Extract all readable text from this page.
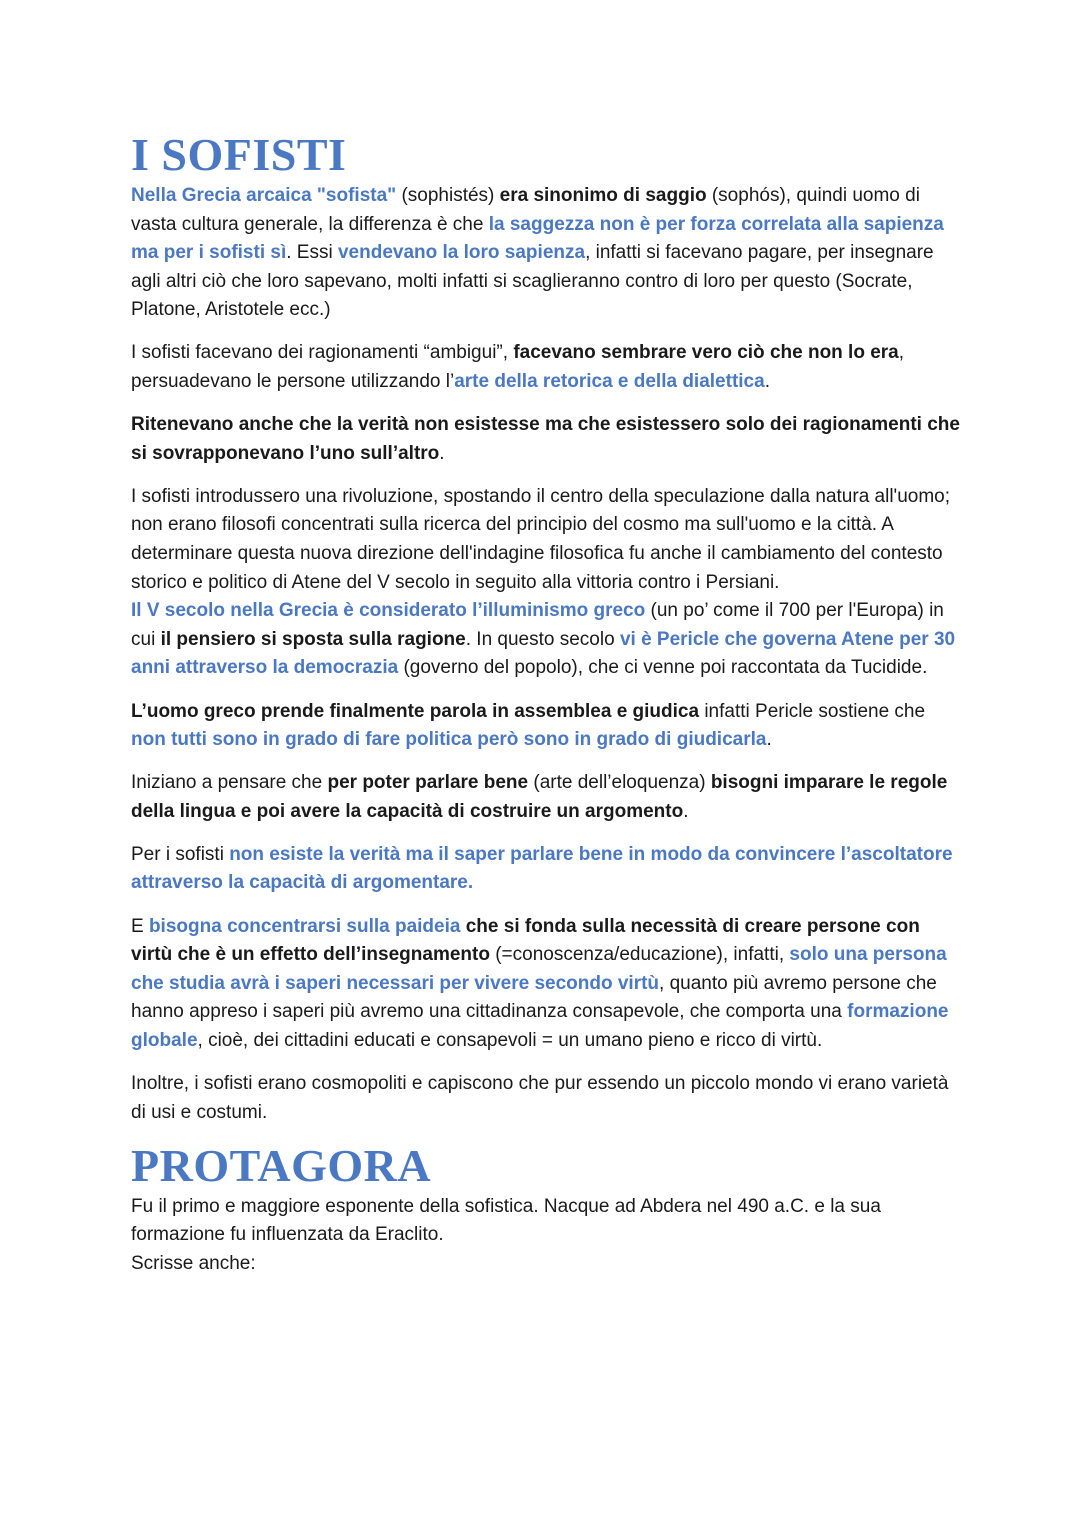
I SOFISTI

Nella Grecia arcaica "sofista" (sophistés) era sinonimo di saggio (sophós), quindi uomo di vasta cultura generale, la differenza è che la saggezza non è per forza correlata alla sapienza ma per i sofisti sì. Essi vendevano la loro sapienza, infatti si facevano pagare, per insegnare agli altri ciò che loro sapevano, molti infatti si scaglieranno contro di loro per questo (Socrate, Platone, Aristotele ecc.)

I sofisti facevano dei ragionamenti “ambigui”, facevano sembrare vero ciò che non lo era, persuadevano le persone utilizzando l’arte della retorica e della dialettica.

Ritenevano anche che la verità non esistesse ma che esistessero solo dei ragionamenti che si sovrapponevano l’uno sull’altro.

I sofisti introdussero una rivoluzione, spostando il centro della speculazione dalla natura all'uomo; non erano filosofi concentrati sulla ricerca del principio del cosmo ma sull'uomo e la città. A determinare questa nuova direzione dell'indagine filosofica fu anche il cambiamento del contesto storico e politico di Atene del V secolo in seguito alla vittoria contro i Persiani.

Il V secolo nella Grecia è considerato l’illuminismo greco (un po’ come il 700 per l'Europa) in cui il pensiero si sposta sulla ragione. In questo secolo vi è Pericle che governa Atene per 30 anni attraverso la democrazia (governo del popolo), che ci venne poi raccontata da Tucidide.

L’uomo greco prende finalmente parola in assemblea e giudica infatti Pericle sostiene che non tutti sono in grado di fare politica però sono in grado di giudicarla.

Iniziano a pensare che per poter parlare bene (arte dell’eloquenza) bisogni imparare le regole della lingua e poi avere la capacità di costruire un argomento.

Per i sofisti non esiste la verità ma il saper parlare bene in modo da convincere l’ascoltatore attraverso la capacità di argomentare.

E bisogna concentrarsi sulla paideia che si fonda sulla necessità di creare persone con virtù che è un effetto dell’insegnamento (=conoscenza/educazione), infatti, solo una persona che studia avrà i saperi necessari per vivere secondo virtù, quanto più avremo persone che hanno appreso i saperi più avremo una cittadinanza consapevole, che comporta una formazione globale, cioè, dei cittadini educati e consapevoli = un umano pieno e ricco di virtù.

Inoltre, i sofisti erano cosmopoliti e capiscono che pur essendo un piccolo mondo vi erano varietà di usi e costumi.

PROTAGORA

Fu il primo e maggiore esponente della sofistica. Nacque ad Abdera nel 490 a.C. e la sua formazione fu influenzata da Eraclito.

Scrisse anche:
